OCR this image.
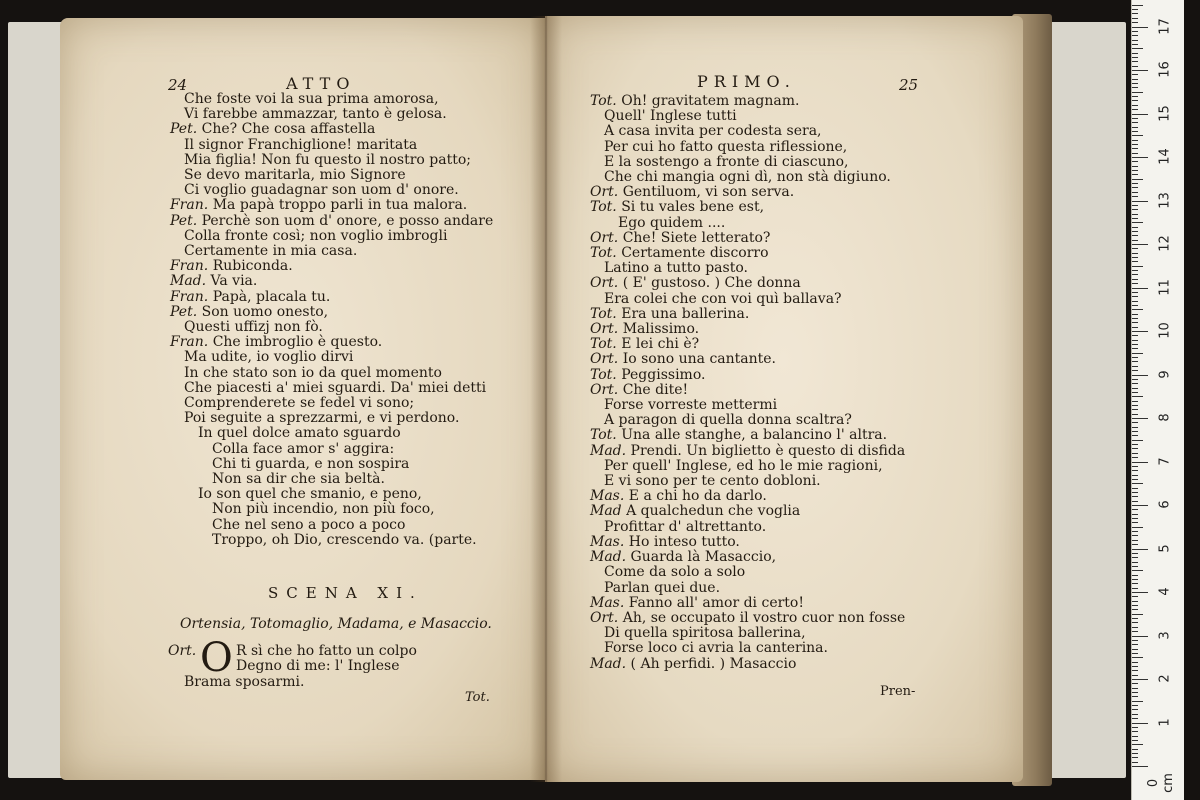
24	ATTO
Che foste voi la sua prima amorosa,
Vi farebbe ammazzar, tanto è gelosa.
Pet. Che? Che cosa affastella
Il signor Franchiglione! maritata
Mia figlia! Non fu questo il nostro patto;
Se devo maritarla, mio Signore
Ci voglio guadagnar son uom d' onore.
Fran. Ma papà troppo parli in tua malora.
Pet. Perchè son uom d' onore, e posso andare
Colla fronte così; non voglio imbrogli
Certamente in mia casa.
Fran. Rubiconda.
Mad. Va via.
Fran. Papà, placala tu.
Pet. Son uomo onesto,
Questi uffizj non fò.
Fran. Che imbroglio è questo.
Ma udite, io voglio dirvi
In che stato son io da quel momento
Che piacesti a' miei sguardi. Da' miei detti
Comprenderete se fedel vi sono;
Poi seguite a sprezzarmi, e vi perdono.
In quel dolce amato sguardo
Colla face amor s' aggira:
Chi ti guarda, e non sospira
Non sa dir che sia beltà.
Io son quel che smanio, e peno,
Non più incendio, non più foco,
Che nel seno a poco a poco
Troppo, oh Dio, crescendo va. (parte.
SCENA XI.
Ortensia, Totomaglio, Madama, e Masaccio.
Ort. O R sì che ho fatto un colpo
Degno di me: l' Inglese
Brama sposarmi.
Tot.
PRIMO.	25
Tot. Oh! gravitatem magnam.
Quell' Inglese tutti
A casa invita per codesta sera,
Per cui ho fatto questa riflessione,
E la sostengo a fronte di ciascuno,
Che chi mangia ogni dì, non stà digiuno.
Ort. Gentiluom, vi son serva.
Tot. Si tu vales bene est,
Ego quidem ....
Ort. Che! Siete letterato?
Tot. Certamente discorro
Latino a tutto pasto.
Ort. ( E' gustoso. ) Che donna
Era colei che con voi quì ballava?
Tot. Era una ballerina.
Ort. Malissimo.
Tot. E lei chi è?
Ort. Io sono una cantante.
Tot. Peggissimo.
Ort. Che dite!
Forse vorreste mettermi
A paragon di quella donna scaltra?
Tot. Una alle stanghe, a balancino l' altra.
Mad. Prendi. Un biglietto è questo di disfida
Per quell' Inglese, ed ho le mie ragioni,
E vi sono per te cento dobloni.
Mas. E a chi ho da darlo.
Mad A qualchedun che voglia
Profittar d' altrettanto.
Mas. Ho inteso tutto.
Mad. Guarda là Masaccio,
Come da solo a solo
Parlan quei due.
Mas. Fanno all' amor di certo!
Ort. Ah, se occupato il vostro cuor non fosse
Di quella spiritosa ballerina,
Forse loco ci avria la canterina.
Mad. ( Ah perfidi. ) Masaccio
Pren-
0 cm
1
2
3
4
5
6
7
8
9
10
11
12
13
14
15
16
17
